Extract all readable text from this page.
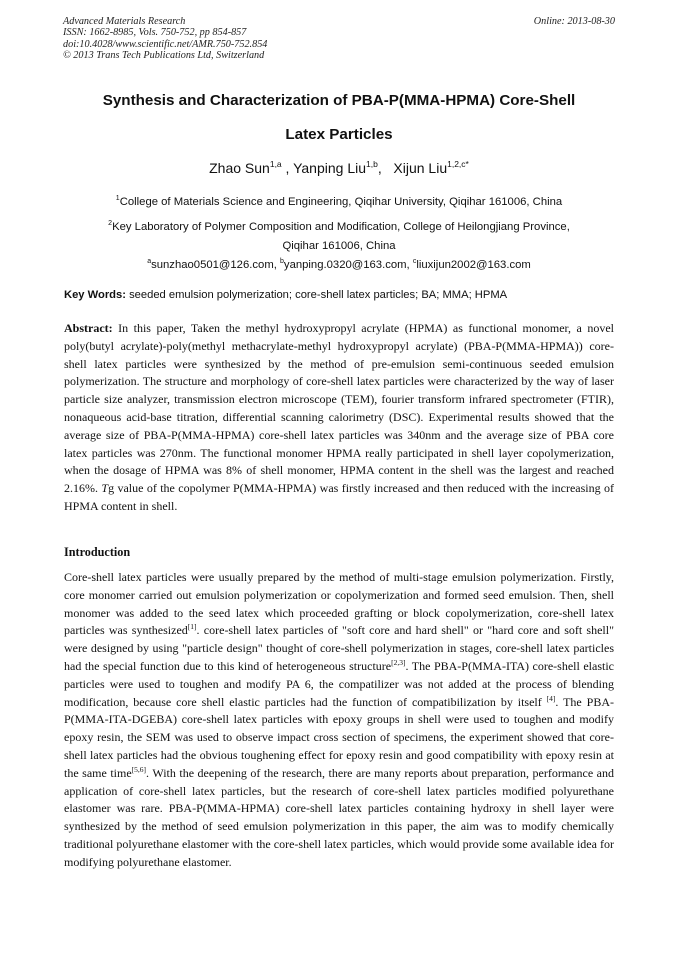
Advanced Materials Research
ISSN: 1662-8985, Vols. 750-752, pp 854-857
doi:10.4028/www.scientific.net/AMR.750-752.854
© 2013 Trans Tech Publications Ltd, Switzerland
Online: 2013-08-30
Synthesis and Characterization of PBA-P(MMA-HPMA) Core-Shell
Latex Particles
Zhao Sun$^{1,a}$ , Yanping Liu$^{1,b}$,   Xijun Liu$^{1,2,c*}$
$^1$College of Materials Science and Engineering, Qiqihar University, Qiqihar 161006, China
$^2$Key Laboratory of Polymer Composition and Modification, College of Heilongjiang Province,
Qiqihar 161006, China
$^a$sunzhao0501@126.com, $^b$yanping.0320@163.com, $^c$liuxijun2002@163.com
Key Words: seeded emulsion polymerization; core-shell latex particles; BA; MMA; HPMA

Abstract: In this paper, Taken the methyl hydroxypropyl acrylate (HPMA) as functional monomer, a novel poly(butyl acrylate)-poly(methyl methacrylate-methyl hydroxypropyl acrylate) (PBA-P(MMA-HPMA)) core-shell latex particles were synthesized by the method of pre-emulsion semi-continuous seeded emulsion polymerization. The structure and morphology of core-shell latex particles were characterized by the way of laser particle size analyzer, transmission electron microscope (TEM), fourier transform infrared spectrometer (FTIR), nonaqueous acid-base titration, differential scanning calorimetry (DSC). Experimental results showed that the average size of PBA-P(MMA-HPMA) core-shell latex particles was 340nm and the average size of PBA core latex particles was 270nm. The functional monomer HPMA really participated in shell layer copolymerization, when the dosage of HPMA was 8% of shell monomer, HPMA content in the shell was the largest and reached 2.16%. Tg value of the copolymer P(MMA-HPMA) was firstly increased and then reduced with the increasing of HPMA content in shell.

Introduction

Core-shell latex particles were usually prepared by the method of multi-stage emulsion polymerization. Firstly, core monomer carried out emulsion polymerization or copolymerization and formed seed emulsion. Then, shell monomer was added to the seed latex which proceeded grafting or block copolymerization, core-shell latex particles was synthesized[1]. core-shell latex particles of "soft core and hard shell" or "hard core and soft shell" were designed by using "particle design" thought of core-shell polymerization in stages, core-shell latex particles had the special function due to this kind of heterogeneous structure[2,3]. The PBA-P(MMA-ITA) core-shell elastic particles were used to toughen and modify PA 6, the compatilizer was not added at the process of blending modification, because core shell elastic particles had the function of compatibilization by itself [4]. The PBA-P(MMA-ITA-DGEBA) core-shell latex particles with epoxy groups in shell were used to toughen and modify epoxy resin, the SEM was used to observe impact cross section of specimens, the experiment showed that core-shell latex particles had the obvious toughening effect for epoxy resin and good compatibility with epoxy resin at the same time[5,6]. With the deepening of the research, there are many reports about preparation, performance and application of core-shell latex particles, but the research of core-shell latex particles modified polyurethane elastomer was rare. PBA-P(MMA-HPMA) core-shell latex particles containing hydroxy in shell layer were synthesized by the method of seed emulsion polymerization in this paper, the aim was to modify chemically traditional polyurethane elastomer with the core-shell latex particles, which would provide some available idea for modifying polyurethane elastomer.
